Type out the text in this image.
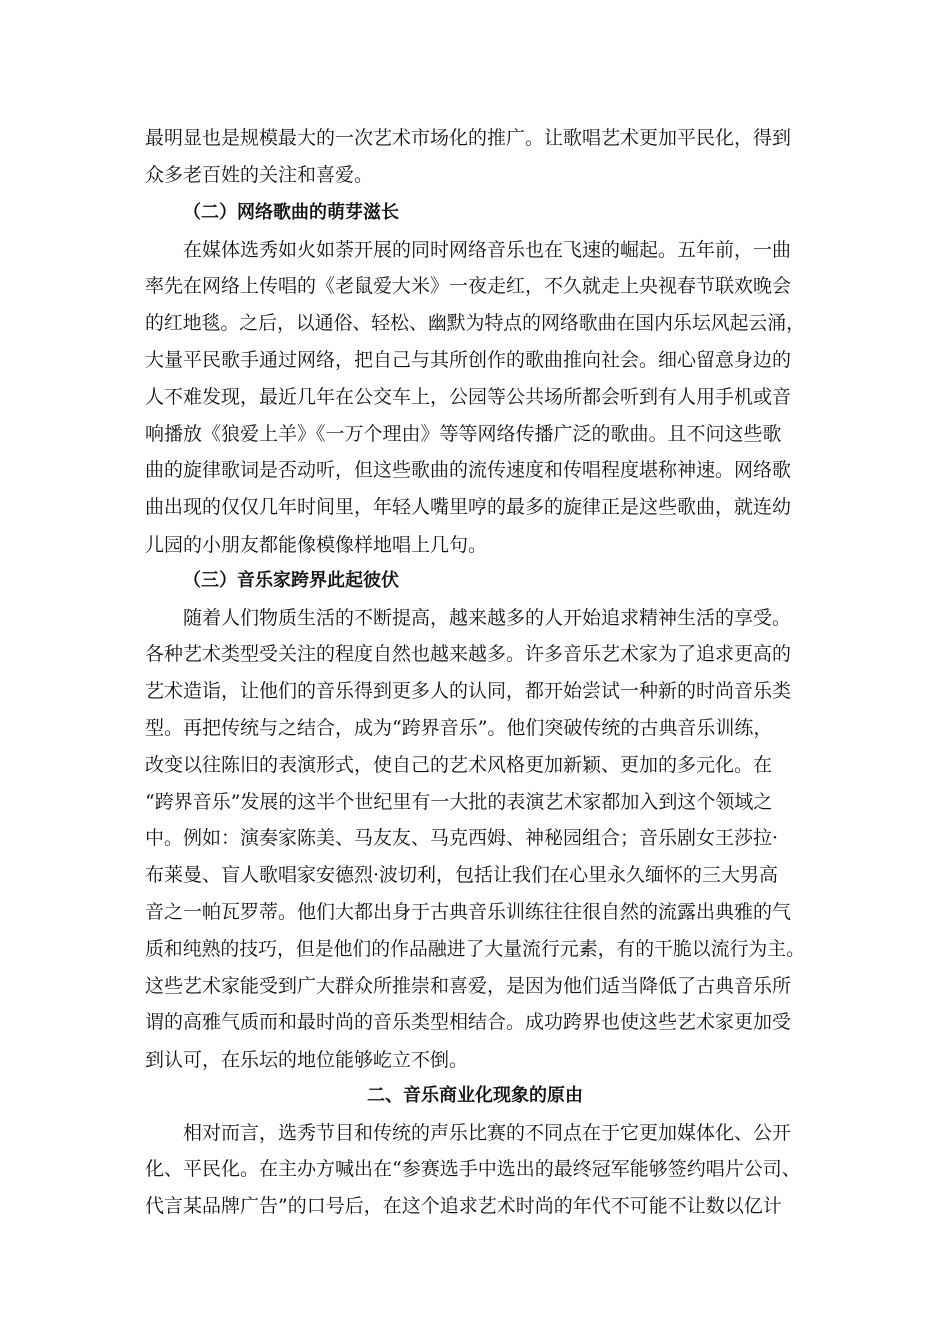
最明显也是规模最大的一次艺术市场化的推广。让歌唱艺术更加平民化，得到
众多老百姓的关注和喜爱。
（二）网络歌曲的萌芽滋长
在媒体选秀如火如荼开展的同时网络音乐也在飞速的崛起。五年前，一曲
率先在网络上传唱的《老鼠爱大米》一夜走红，不久就走上央视春节联欢晚会
的红地毯。之后，以通俗、轻松、幽默为特点的网络歌曲在国内乐坛风起云涌，
大量平民歌手通过网络，把自己与其所创作的歌曲推向社会。细心留意身边的
人不难发现，最近几年在公交车上，公园等公共场所都会听到有人用手机或音
响播放《狼爱上羊》《一万个理由》等等网络传播广泛的歌曲。且不问这些歌
曲的旋律歌词是否动听，但这些歌曲的流传速度和传唱程度堪称神速。网络歌
曲出现的仅仅几年时间里，年轻人嘴里哼的最多的旋律正是这些歌曲，就连幼
儿园的小朋友都能像模像样地唱上几句。
（三）音乐家跨界此起彼伏
随着人们物质生活的不断提高，越来越多的人开始追求精神生活的享受。
各种艺术类型受关注的程度自然也越来越多。许多音乐艺术家为了追求更高的
艺术造诣，让他们的音乐得到更多人的认同，都开始尝试一种新的时尚音乐类
型。再把传统与之结合，成为“跨界音乐”。他们突破传统的古典音乐训练，
改变以往陈旧的表演形式，使自己的艺术风格更加新颖、更加的多元化。在
“跨界音乐”发展的这半个世纪里有一大批的表演艺术家都加入到这个领域之
中。例如：演奏家陈美、马友友、马克西姆、神秘园组合；音乐剧女王莎拉·
布莱曼、盲人歌唱家安德烈·波切利，包括让我们在心里永久缅怀的三大男高
音之一帕瓦罗蒂。他们大都出身于古典音乐训练往往很自然的流露出典雅的气
质和纯熟的技巧，但是他们的作品融进了大量流行元素，有的干脆以流行为主。
这些艺术家能受到广大群众所推崇和喜爱，是因为他们适当降低了古典音乐所
谓的高雅气质而和最时尚的音乐类型相结合。成功跨界也使这些艺术家更加受
到认可，在乐坛的地位能够屹立不倒。
二、音乐商业化现象的原由
相对而言，选秀节目和传统的声乐比赛的不同点在于它更加媒体化、公开
化、平民化。在主办方喊出在“参赛选手中选出的最终冠军能够签约唱片公司、
代言某品牌广告”的口号后，在这个追求艺术时尚的年代不可能不让数以亿计
